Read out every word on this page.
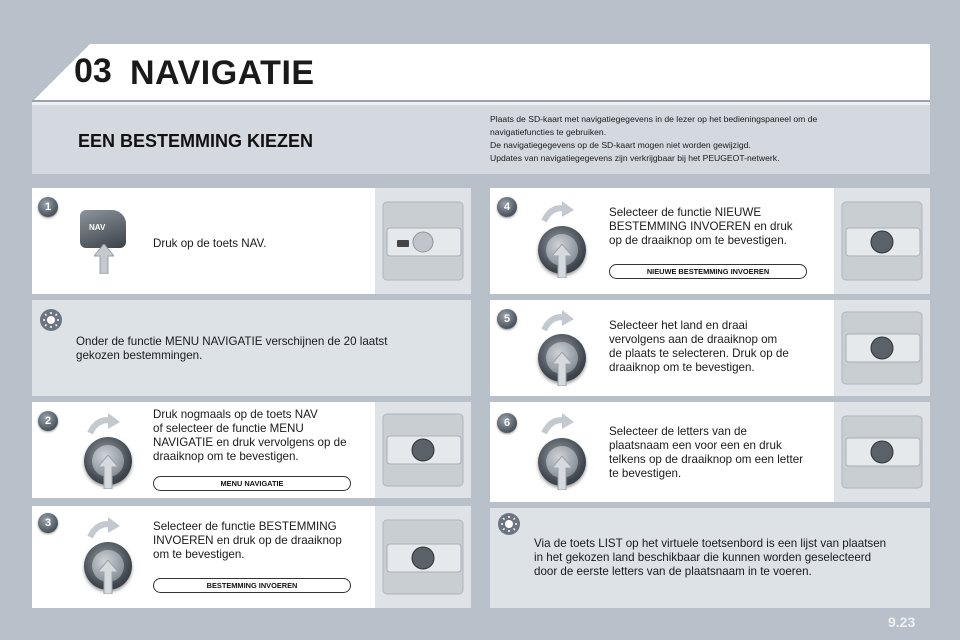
03 NAVIGATIE
EEN BESTEMMING KIEZEN
Plaats de SD-kaart met navigatiegegevens in de lezer op het bedieningspaneel om de
navigatiefuncties te gebruiken.
De navigatiegegevens op de SD-kaart mogen niet worden gewijzigd.
Updates van navigatiegegevens zijn verkrijgbaar bij het PEUGEOT-netwerk.
1
NAV
Druk op de toets NAV.
Onder de functie MENU NAVIGATIE verschijnen de 20 laatst
gekozen bestemmingen.
2	Druk nogmaals op de toets NAV
of selecteer de functie MENU
NAVIGATIE en druk vervolgens op de
draaiknop om te bevestigen.
MENU NAVIGATIE
3	Selecteer de functie BESTEMMING
INVOEREN en druk op de draaiknop
om te bevestigen.
BESTEMMING INVOEREN
4	Selecteer de functie NIEUWE
BESTEMMING INVOEREN en druk
op de draaiknop om te bevestigen.
NIEUWE BESTEMMING INVOEREN
5	Selecteer het land en draai
vervolgens aan de draaiknop om
de plaats te selecteren. Druk op de
draaiknop om te bevestigen.
6
Selecteer de letters van de
plaatsnaam een voor een en druk
telkens op de draaiknop om een letter
te bevestigen.
Via de toets LIST op het virtuele toetsenbord is een lijst van plaatsen
in het gekozen land beschikbaar die kunnen worden geselecteerd
door de eerste letters van de plaatsnaam in te voeren.
9.23
